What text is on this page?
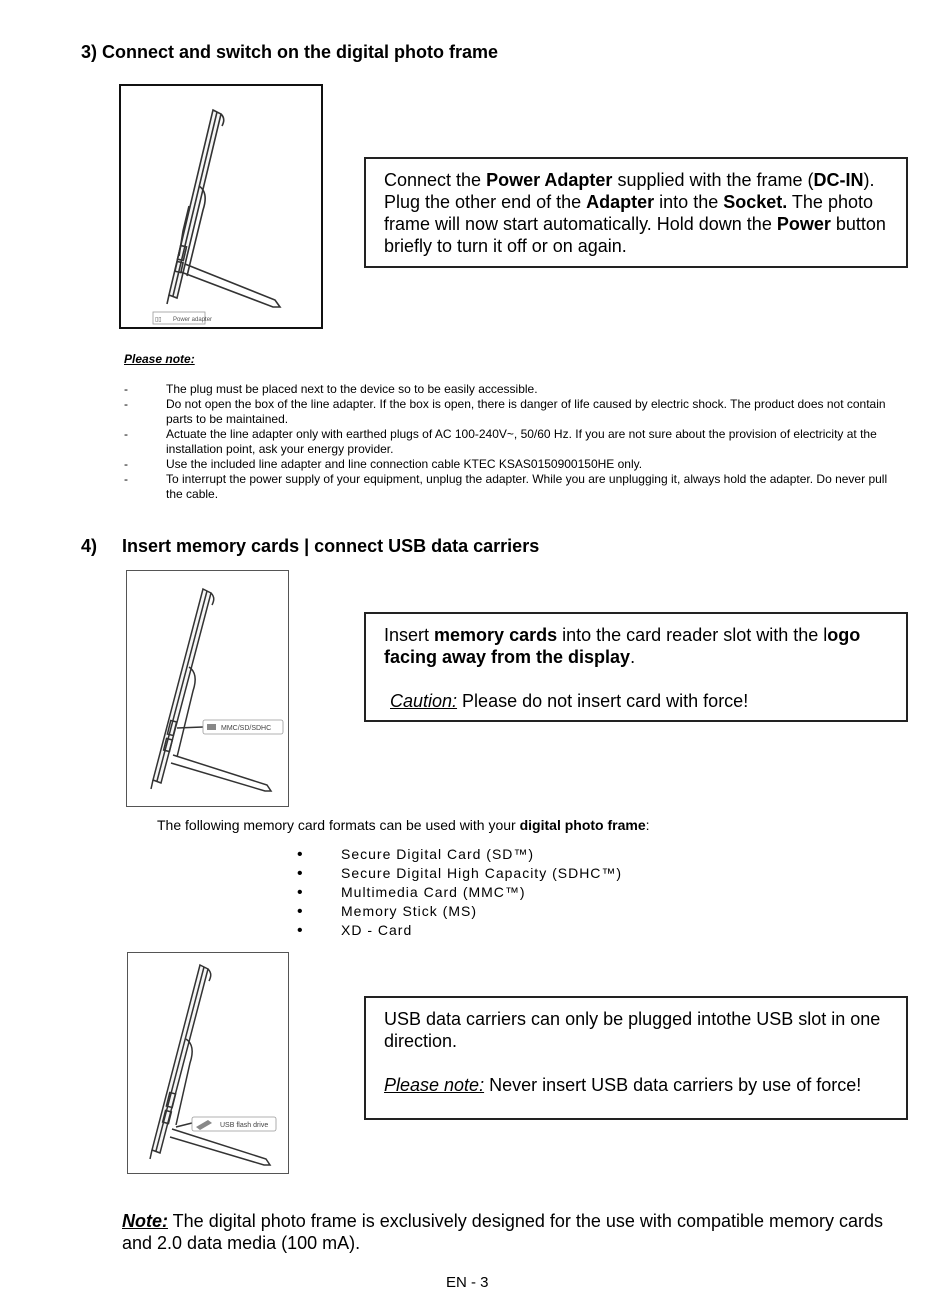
3) Connect and switch on the digital photo frame
▯▯ Power adapter

Connect the Power Adapter supplied with the frame (DC-IN). Plug the other end of the Adapter into the Socket. The photo frame will now start automatically. Hold down the Power button briefly to turn it off or on again.

Please note:
-	The plug must be placed next to the device so to be easily accessible.
-	Do not open the box of the line adapter. If the box is open, there is danger of life caused by electric shock. The product does not contain parts to be maintained.
-	Actuate the line adapter only with earthed plugs of AC 100-240V~, 50/60 Hz. If you are not sure about the provision of electricity at the installation point, ask your energy provider.
-	Use the included line adapter and line connection cable KTEC KSAS0150900150HE only.
-	To interrupt the power supply of your equipment, unplug the adapter. While you are unplugging it, always hold the adapter. Do never pull the cable.
4) Insert memory cards | connect USB data carriers
MMC/SD/SDHC

Insert memory cards into the card reader slot with the logo facing away from the display.

Caution: Please do not insert card with force!

The following memory card formats can be used with your digital photo frame:
•	Secure Digital Card (SD™)
•	Secure Digital High Capacity (SDHC™)
•	Multimedia Card (MMC™)
•	Memory Stick (MS)
•	XD - Card
USB flash drive

USB data carriers can only be plugged intothe USB slot in one direction.

Please note: Never insert USB data carriers by use of force!

Note: The digital photo frame is exclusively designed for the use with compatible memory cards and 2.0 data media (100 mA).
EN - 3
